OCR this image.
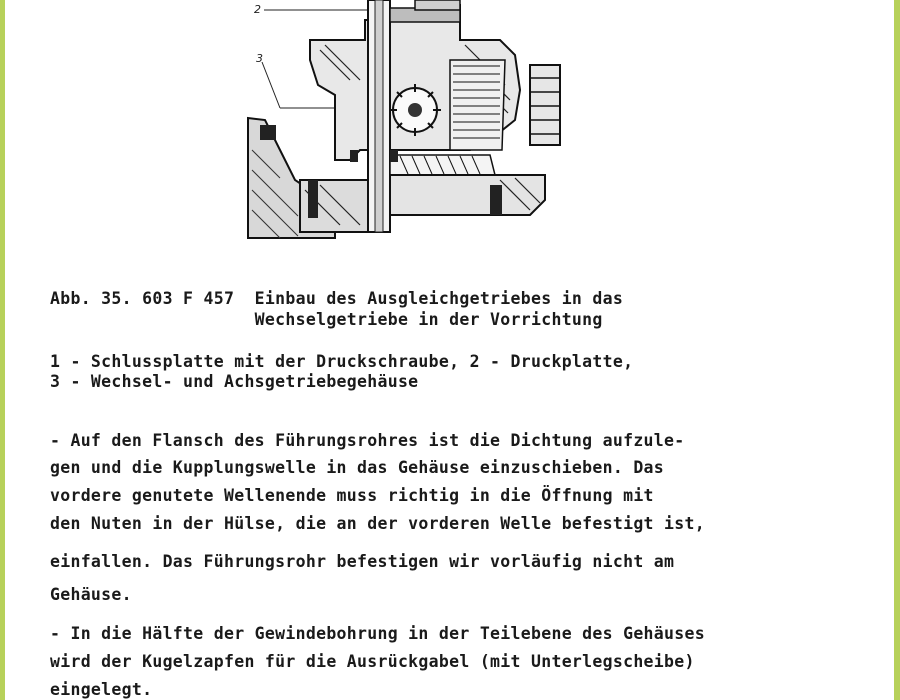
2
3
Abb. 35. 603 F 457  Einbau des Ausgleichgetriebes in das
Wechselgetriebe in der Vorrichtung
1 - Schlussplatte mit der Druckschraube, 2 - Druckplatte,
3 - Wechsel- und Achsgetriebegehäuse
- Auf den Flansch des Führungsrohres ist die Dichtung aufzule-
gen und die Kupplungswelle in das Gehäuse einzuschieben. Das
vordere genutete Wellenende muss richtig in die Öffnung mit
den Nuten in der Hülse, die an der vorderen Welle befestigt ist,
einfallen. Das Führungsrohr befestigen wir vorläufig nicht am
Gehäuse.
- In die Hälfte der Gewindebohrung in der Teilebene des Gehäuses
wird der Kugelzapfen für die Ausrückgabel (mit Unterlegscheibe)
eingelegt.
